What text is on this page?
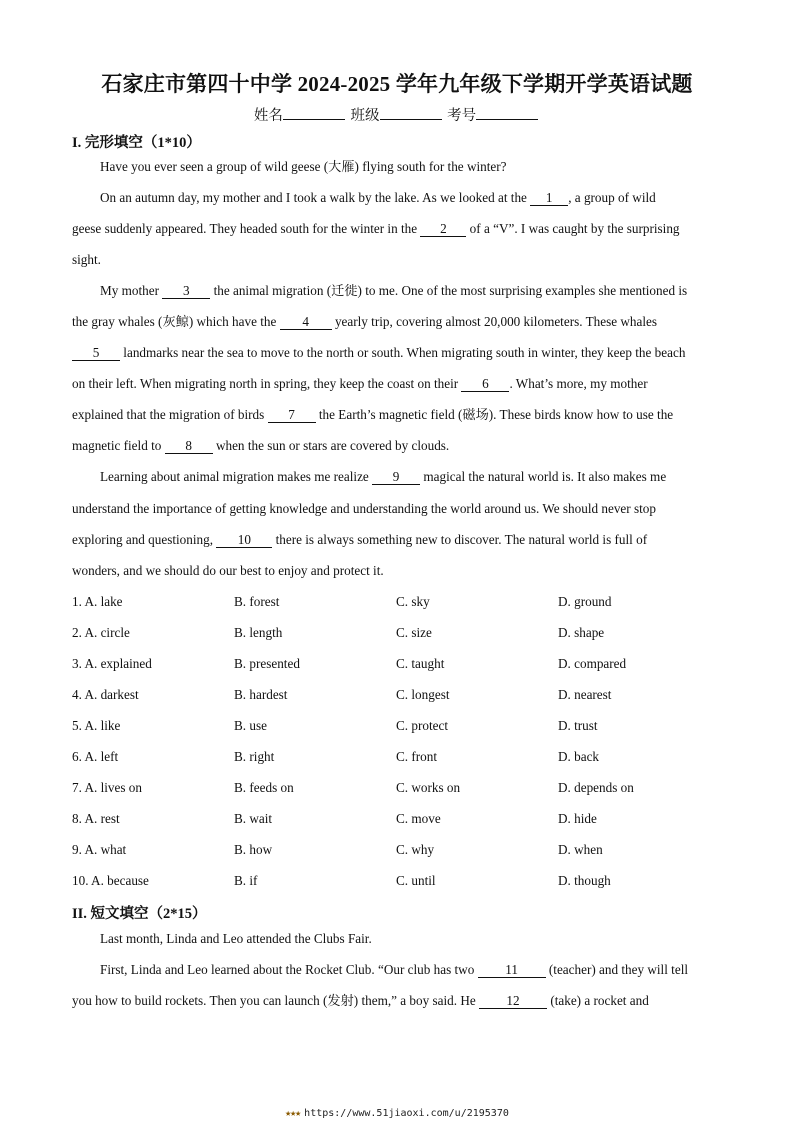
石家庄市第四十中学 2024-2025 学年九年级下学期开学英语试题
姓名	班级	考号
I. 完形填空（1*10）
Have you ever seen a group of wild geese (大雁) flying south for the winter?
On an autumn day, my mother and I took a walk by the lake. As we looked at the 1 , a group of wild
geese suddenly appeared. They headed south for the winter in the 2 of a “V”. I was caught by the surprising
sight.
My mother 3 the animal migration (迁徙) to me. One of the most surprising examples she mentioned is
the gray whales (灰鲸) which have the 4 yearly trip, covering almost 20,000 kilometers. These whales
5 landmarks near the sea to move to the north or south. When migrating south in winter, they keep the beach
on their left. When migrating north in spring, they keep the coast on their 6 . What’s more, my mother
explained that the migration of birds 7 the Earth’s magnetic field (磁场). These birds know how to use the
magnetic field to 8 when the sun or stars are covered by clouds.
Learning about animal migration makes me realize 9 magical the natural world is. It also makes me
understand the importance of getting knowledge and understanding the world around us. We should never stop
exploring and questioning, 10 there is always something new to discover. The natural world is full of
wonders, and we should do our best to enjoy and protect it.
1. A. lake	B. forest	C. sky	D. ground
2. A. circle	B. length	C. size	D. shape
3. A. explained	B. presented	C. taught	D. compared
4. A. darkest	B. hardest	C. longest	D. nearest
5. A. like	B. use	C. protect	D. trust
6. A. left	B. right	C. front	D. back
7. A. lives on	B. feeds on	C. works on	D. depends on
8. A. rest	B. wait	C. move	D. hide
9. A. what	B. how	C. why	D. when
10. A. because	B. if	C. until	D. though
II. 短文填空（2*15）
Last month, Linda and Leo attended the Clubs Fair.
First, Linda and Leo learned about the Rocket Club. “Our club has two 11 (teacher) and they will tell
you how to build rockets. Then you can launch (发射) them,” a boy said. He 12 (take) a rocket and
★★★ https://www.51jiaoxi.com/u/2195370
